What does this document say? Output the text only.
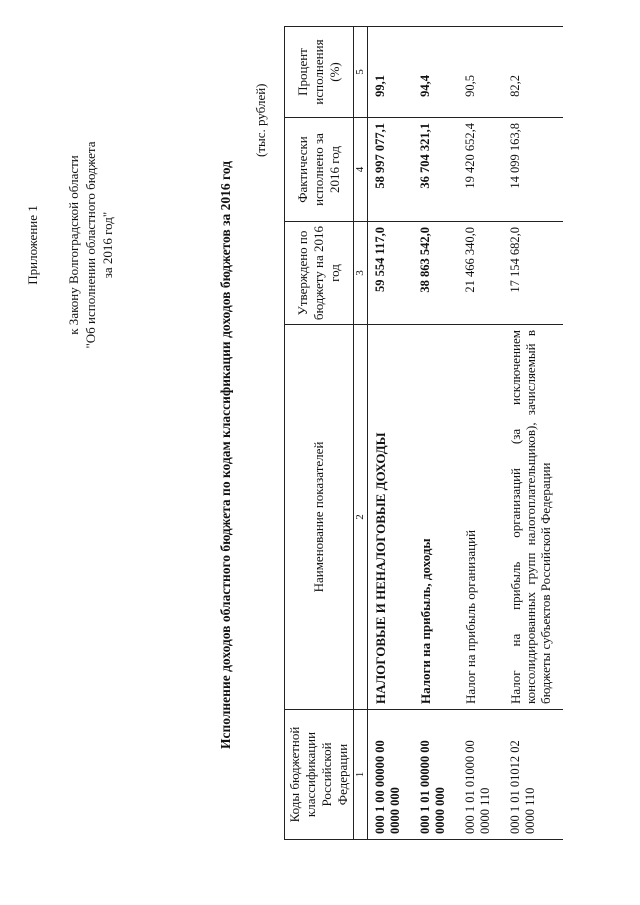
Приложение 1 к Закону Волгоградской области "Об исполнении областного бюджета за 2016 год"	Исполнение доходов областного бюджета по кодам классификации доходов бюджетов за 2016 год
(тыс. рублей)
Коды бюджетной классификации Российской Федерации	Наименование показателей	Утверждено по бюджету на 2016 год	Фактически исполнено за 2016 год	Процент исполнения (%)
1	2	3	4	5
000 1 00 00000 00 0000 000	НАЛОГОВЫЕ И НЕНАЛОГОВЫЕ ДОХОДЫ	59 554 117,0	58 997 077,1	99,1
000 1 01 00000 00 0000 000	Налоги на прибыль, доходы	38 863 542,0	36 704 321,1	94,4
000 1 01 01000 00 0000 110	Налог на прибыль организаций	21 466 340,0	19 420 652,4	90,5
000 1 01 01012 02 0000 110	Налог на прибыль организаций (за исключением консолидированных групп налогоплательщиков), зачисляемый в бюджеты субъектов Российской Федерации	17 154 682,0	14 099 163,8	82,2
